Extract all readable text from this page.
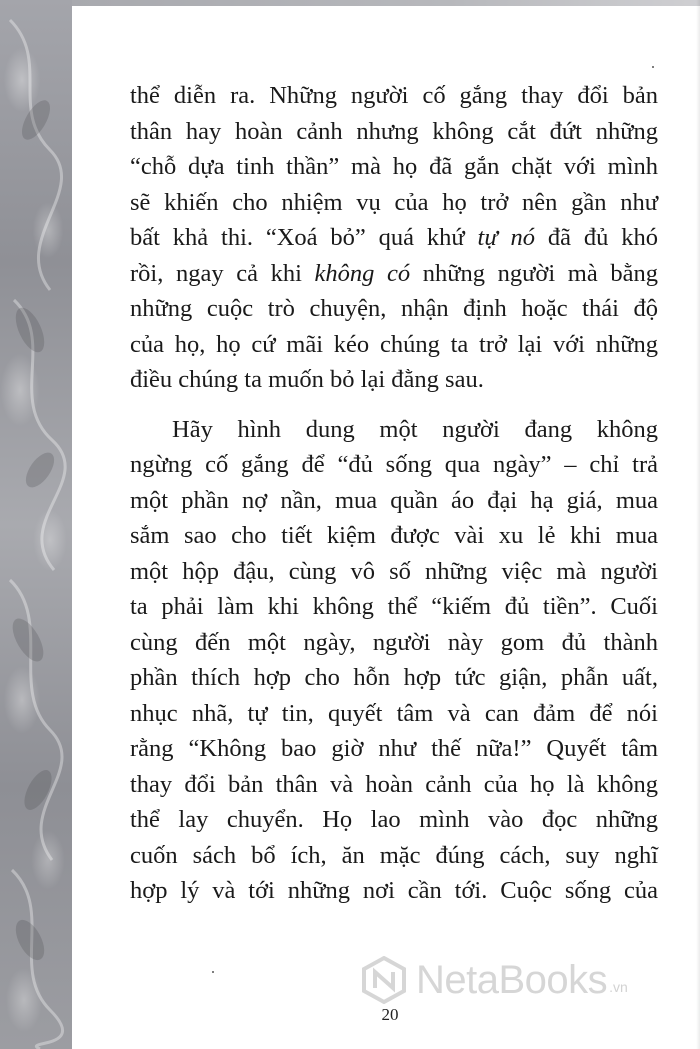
thể diễn ra. Những người cố gắng thay đổi bản
thân hay hoàn cảnh nhưng không cắt đứt những
“chỗ dựa tinh thần” mà họ đã gắn chặt với mình
sẽ khiến cho nhiệm vụ của họ trở nên gần như
bất khả thi. “Xoá bỏ” quá khứ tự nó đã đủ khó
rồi, ngay cả khi không có những người mà bằng
những cuộc trò chuyện, nhận định hoặc thái độ
của họ, họ cứ mãi kéo chúng ta trở lại với những
điều chúng ta muốn bỏ lại đằng sau.
Hãy hình dung một người đang không
ngừng cố gắng để “đủ sống qua ngày” – chỉ trả
một phần nợ nần, mua quần áo đại hạ giá, mua
sắm sao cho tiết kiệm được vài xu lẻ khi mua
một hộp đậu, cùng vô số những việc mà người
ta phải làm khi không thể “kiếm đủ tiền”. Cuối
cùng đến một ngày, người này gom đủ thành
phần thích hợp cho hỗn hợp tức giận, phẫn uất,
nhục nhã, tự tin, quyết tâm và can đảm để nói
rằng “Không bao giờ như thế nữa!” Quyết tâm
thay đổi bản thân và hoàn cảnh của họ là không
thể lay chuyển. Họ lao mình vào đọc những
cuốn sách bổ ích, ăn mặc đúng cách, suy nghĩ
hợp lý và tới những nơi cần tới. Cuộc sống của
NetaBooks .vn
20
